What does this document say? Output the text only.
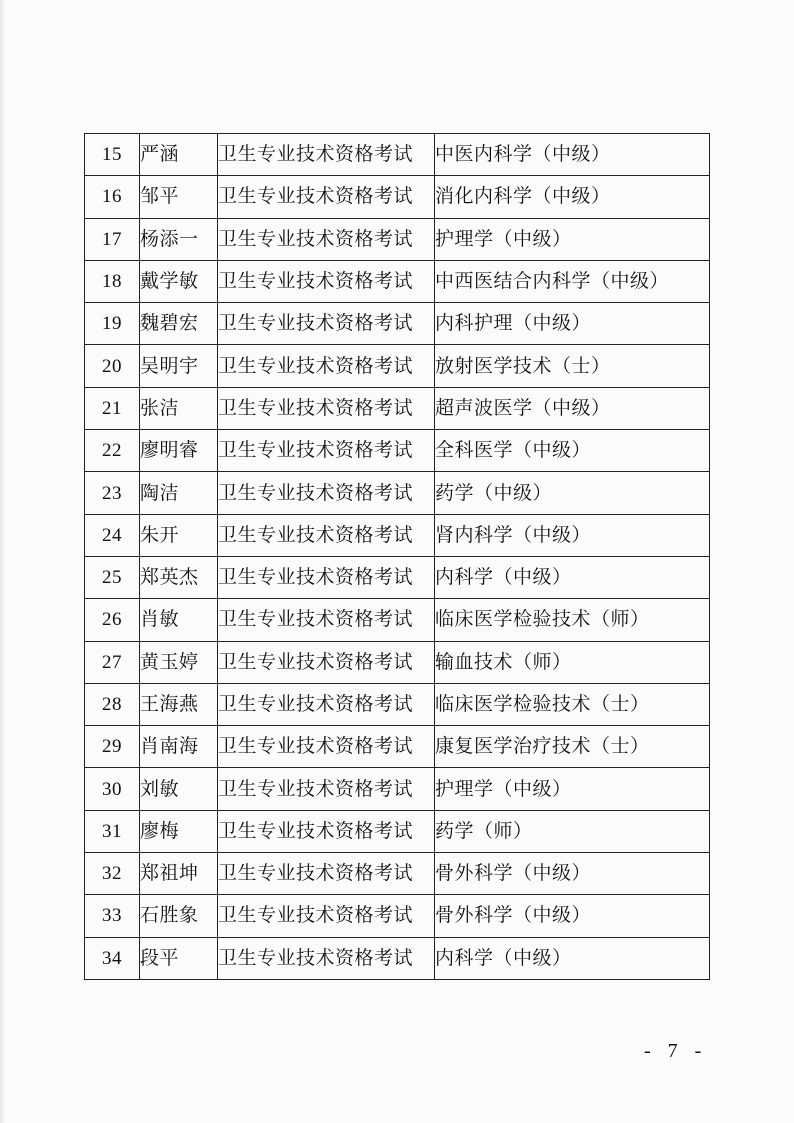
15	严涵	卫生专业技术资格考试	中医内科学（中级）
16	邹平	卫生专业技术资格考试	消化内科学（中级）
17	杨添一	卫生专业技术资格考试	护理学（中级）
18	戴学敏	卫生专业技术资格考试	中西医结合内科学（中级）
19	魏碧宏	卫生专业技术资格考试	内科护理（中级）
20	吴明宇	卫生专业技术资格考试	放射医学技术（士）
21	张洁	卫生专业技术资格考试	超声波医学（中级）
22	廖明睿	卫生专业技术资格考试	全科医学（中级）
23	陶洁	卫生专业技术资格考试	药学（中级）
24	朱开	卫生专业技术资格考试	肾内科学（中级）
25	郑英杰	卫生专业技术资格考试	内科学（中级）
26	肖敏	卫生专业技术资格考试	临床医学检验技术（师）
27	黄玉婷	卫生专业技术资格考试	输血技术（师）
28	王海燕	卫生专业技术资格考试	临床医学检验技术（士）
29	肖南海	卫生专业技术资格考试	康复医学治疗技术（士）
30	刘敏	卫生专业技术资格考试	护理学（中级）
31	廖梅	卫生专业技术资格考试	药学（师）
32	郑祖坤	卫生专业技术资格考试	骨外科学（中级）
33	石胜象	卫生专业技术资格考试	骨外科学（中级）
34	段平	卫生专业技术资格考试	内科学（中级）
- 7 -
